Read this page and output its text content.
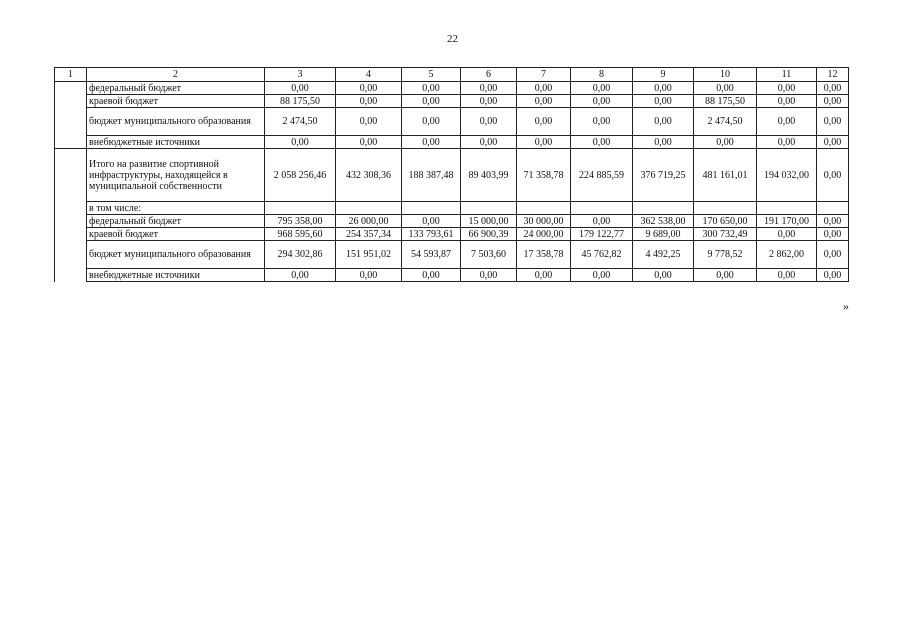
22
1	2	3	4	5	6	7	8	9	10	11	12
	федеральный бюджет	0,00	0,00	0,00	0,00	0,00	0,00	0,00	0,00	0,00	0,00
	краевой бюджет	88 175,50	0,00	0,00	0,00	0,00	0,00	0,00	88 175,50	0,00	0,00
	бюджет муниципального образования	2 474,50	0,00	0,00	0,00	0,00	0,00	0,00	2 474,50	0,00	0,00
	внебюджетные источники	0,00	0,00	0,00	0,00	0,00	0,00	0,00	0,00	0,00	0,00
	Итого на развитие спортивной инфраструктуры, находящейся в муниципальной собственности	2 058 256,46	432 308,36	188 387,48	89 403,99	71 358,78	224 885,59	376 719,25	481 161,01	194 032,00	0,00
	в том числе:										
	федеральный бюджет	795 358,00	26 000,00	0,00	15 000,00	30 000,00	0,00	362 538,00	170 650,00	191 170,00	0,00
	краевой бюджет	968 595,60	254 357,34	133 793,61	66 900,39	24 000,00	179 122,77	9 689,00	300 732,49	0,00	0,00
	бюджет муниципального образования	294 302,86	151 951,02	54 593,87	7 503,60	17 358,78	45 762,82	4 492,25	9 778,52	2 862,00	0,00
	внебюджетные источники	0,00	0,00	0,00	0,00	0,00	0,00	0,00	0,00	0,00	0,00
»
